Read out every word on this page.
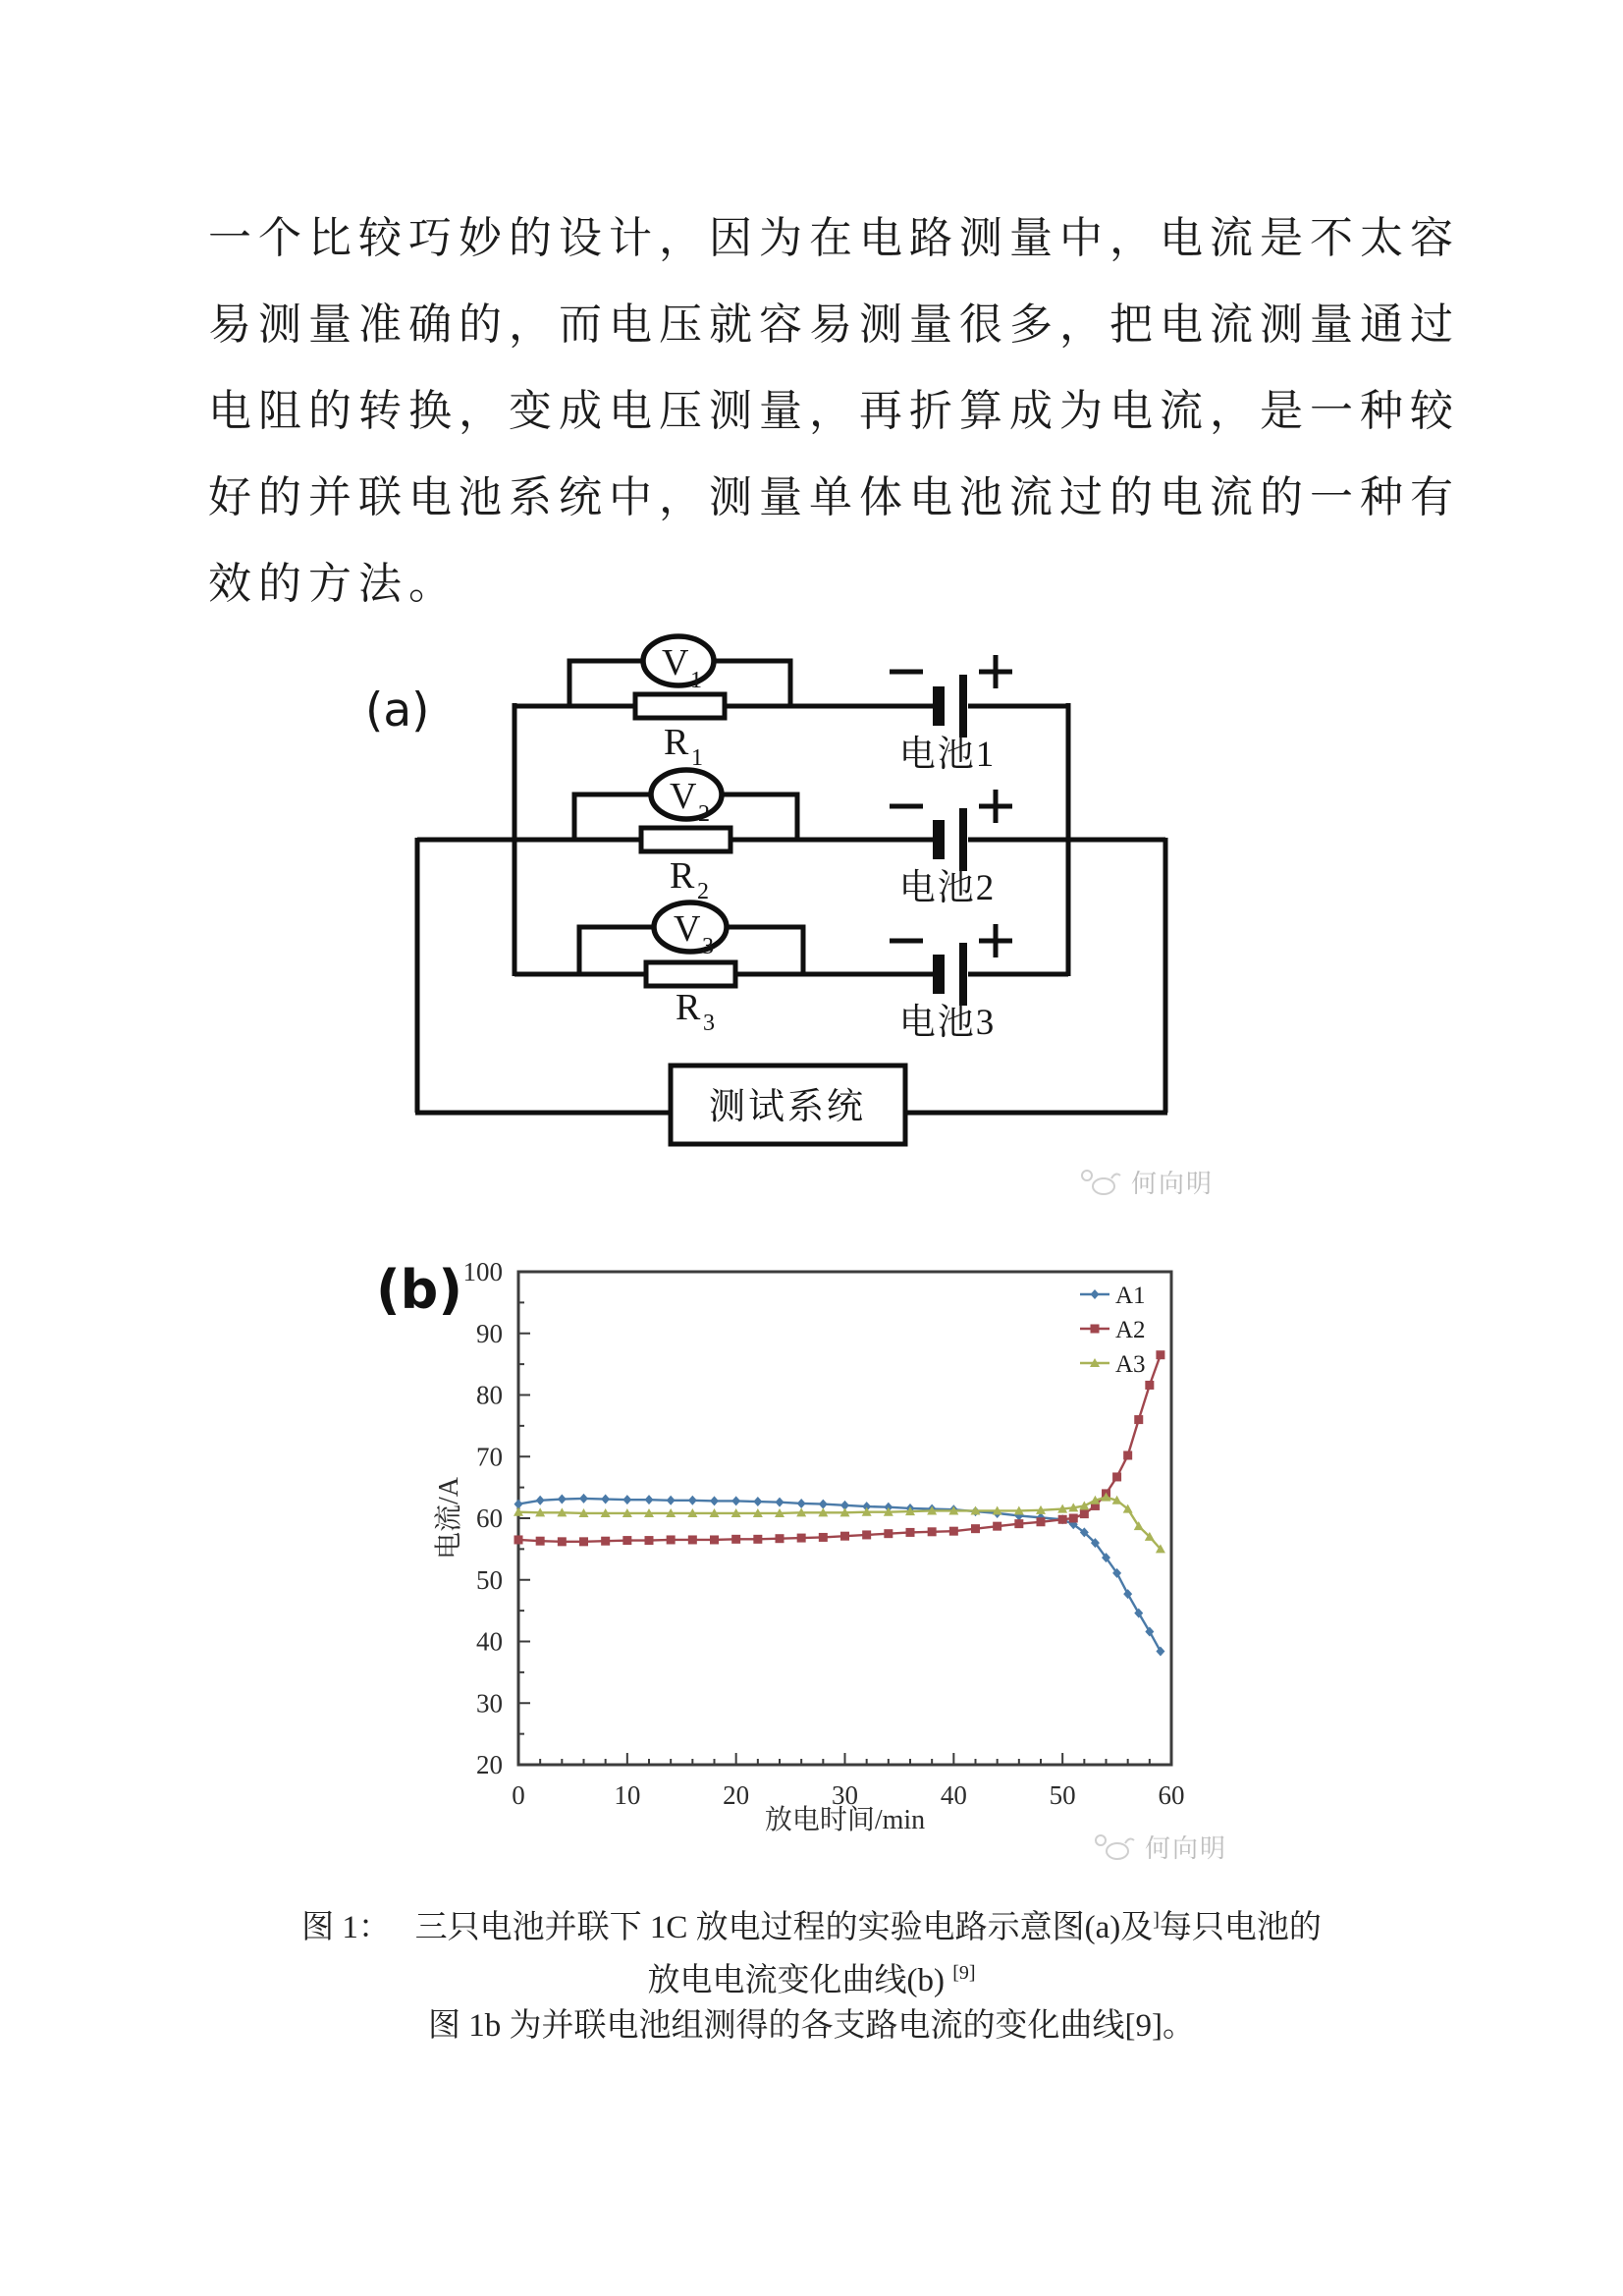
一个比较巧妙的设计，因为在电路测量中，电流是不太容
易测量准确的，而电压就容易测量很多，把电流测量通过
电阻的转换，变成电压测量，再折算成为电流，是一种较
好的并联电池系统中，测量单体电池流过的电流的一种有
效的方法。
(a)
V 1
V 2
V 3
R 1
R 2
R 3
电池1
电池2
电池3
测试系统
何向明
(b)
0	10	20	30	40	50	60
20
30
40
50
60
70
80
90
100
放电时间/min
电流/A
A1
A2
A3
何向明
图 1：　 三只电池并联下 1C 放电过程的实验电路示意图(a)及]每只电池的
放电电流变化曲线(b) [9]
图 1b 为并联电池组测得的各支路电流的变化曲线[9]。
